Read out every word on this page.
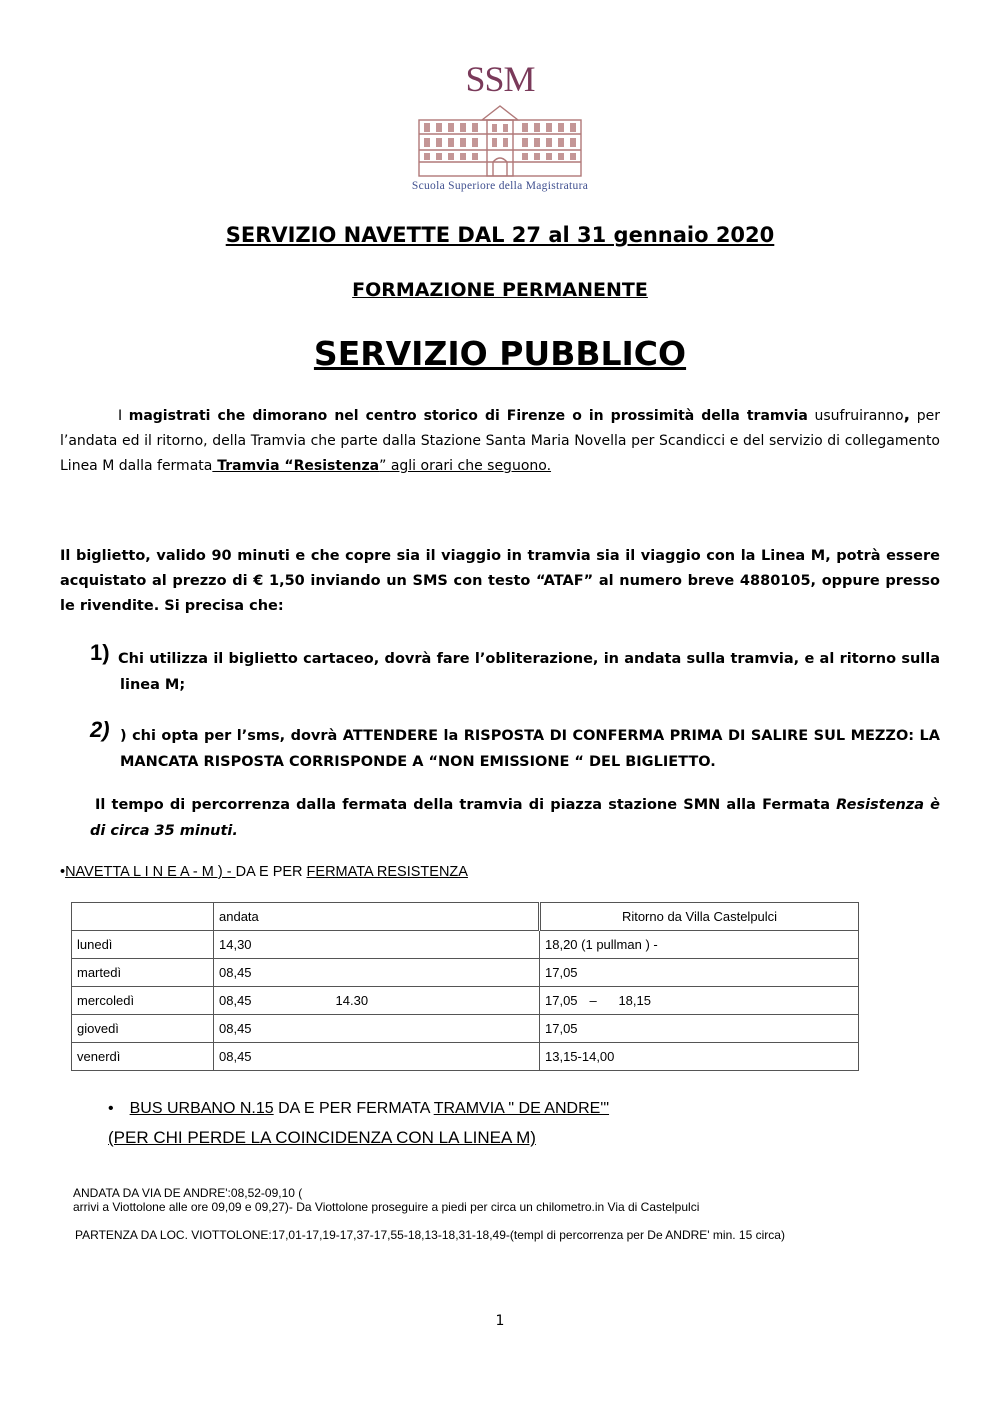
SSM
Scuola Superiore della Magistratura
SERVIZIO NAVETTE DAL 27 al 31 gennaio 2020
FORMAZIONE PERMANENTE
SERVIZIO PUBBLICO
I magistrati che dimorano nel centro storico di Firenze o in prossimità della tramvia usufruiranno, per l’andata ed il ritorno, della Tramvia che parte dalla Stazione Santa Maria Novella per Scandicci e del servizio di collegamento Linea M dalla fermata Tramvia “Resistenza” agli orari che seguono.
Il biglietto, valido 90 minuti e che copre sia il viaggio in tramvia sia il viaggio con la Linea M, potrà essere acquistato al prezzo di € 1,50 inviando un SMS con testo “ATAF” al numero breve 4880105, oppure presso le rivendite. Si precisa che:
1) Chi utilizza il biglietto cartaceo, dovrà fare l’obliterazione, in andata sulla tramvia, e al ritorno sulla linea M;
2) ) chi opta per l’sms, dovrà ATTENDERE la RISPOSTA DI CONFERMA PRIMA DI SALIRE SUL MEZZO: LA MANCATA RISPOSTA CORRISPONDE A “NON EMISSIONE “ DEL BIGLIETTO.
Il tempo di percorrenza dalla fermata della tramvia di piazza stazione SMN alla Fermata Resistenza è di circa 35 minuti.
•NAVETTA L I N E A - M ) - DA E PER FERMATA RESISTENZA
	andata	Ritorno da Villa Castelpulci
lunedì	14,30	18,20 (1 pullman ) -
martedì	08,45	17,05
mercoledì	08,45 14.30	17,05 –      18,15
giovedì	08,45	17,05
venerdì	08,45	13,15-14,00
• BUS URBANO N.15 DA E PER FERMATA TRAMVIA " DE ANDRE'"
(PER CHI PERDE LA COINCIDENZA CON LA LINEA M)
ANDATA DA VIA DE ANDRE':08,52-09,10 (
arrivi a Viottolone alle ore 09,09 e 09,27)- Da Viottolone proseguire a piedi per circa un chilometro.in Via di Castelpulci
PARTENZA DA LOC. VIOTTOLONE:17,01-17,19-17,37-17,55-18,13-18,31-18,49-(templ di percorrenza per De ANDRE' min. 15 circa)
1
